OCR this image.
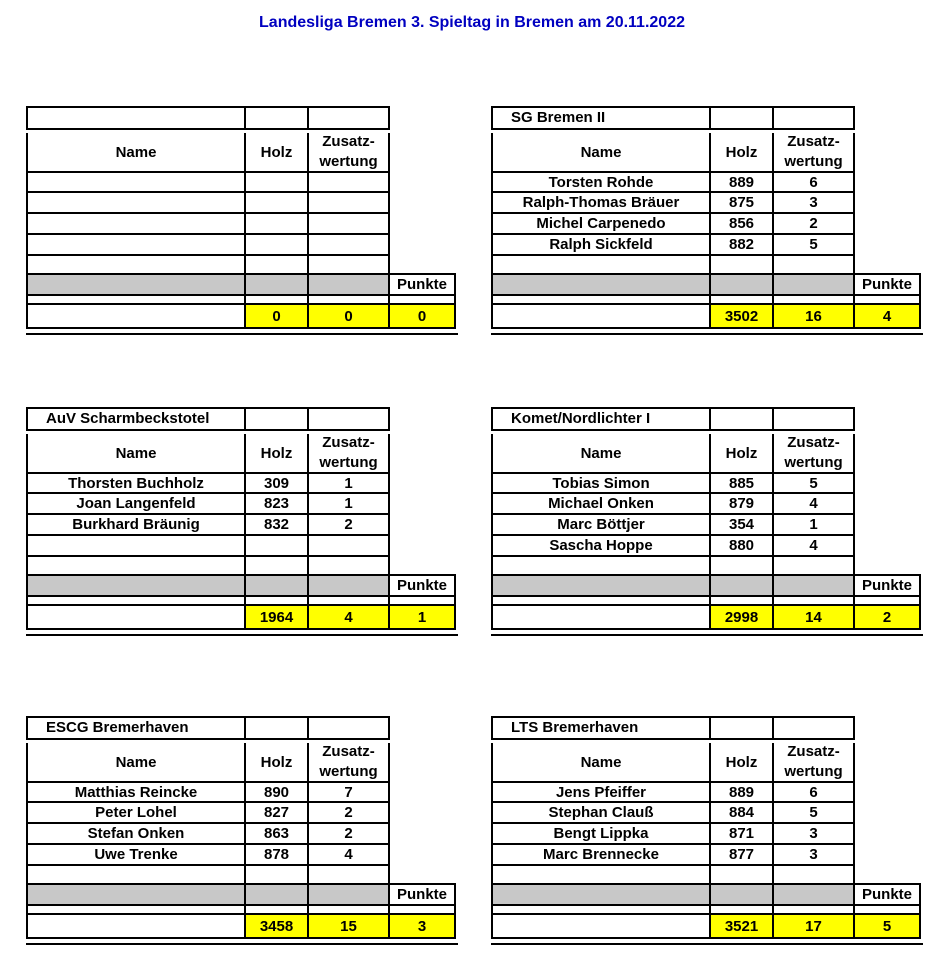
Landesliga Bremen 3. Spieltag in Bremen am 20.11.2022
Name	Holz
Zusatz-
wertung
Punkte
0	0	0
SG Bremen II
Name	Holz
Zusatz-
wertung
Torsten Rohde	889	6
Ralph-Thomas Bräuer	875	3
Michel Carpenedo	856	2
Ralph Sickfeld	882	5
Punkte
3502	16	4
AuV Scharmbeckstotel
Name	Holz
Zusatz-
wertung
Thorsten Buchholz	309	1
Joan Langenfeld	823	1
Burkhard Bräunig	832	2
Punkte
1964	4	1
Komet/Nordlichter I
Name	Holz
Zusatz-
wertung
Tobias Simon	885	5
Michael Onken	879	4
Marc Böttjer	354	1
Sascha Hoppe	880	4
Punkte
2998	14	2
ESCG Bremerhaven
Name	Holz
Zusatz-
wertung
Matthias Reincke	890	7
Peter Lohel	827	2
Stefan Onken	863	2
Uwe Trenke	878	4
Punkte
3458	15	3
LTS Bremerhaven
Name	Holz
Zusatz-
wertung
Jens Pfeiffer	889	6
Stephan Clauß	884	5
Bengt Lippka	871	3
Marc Brennecke	877	3
Punkte
3521	17	5
